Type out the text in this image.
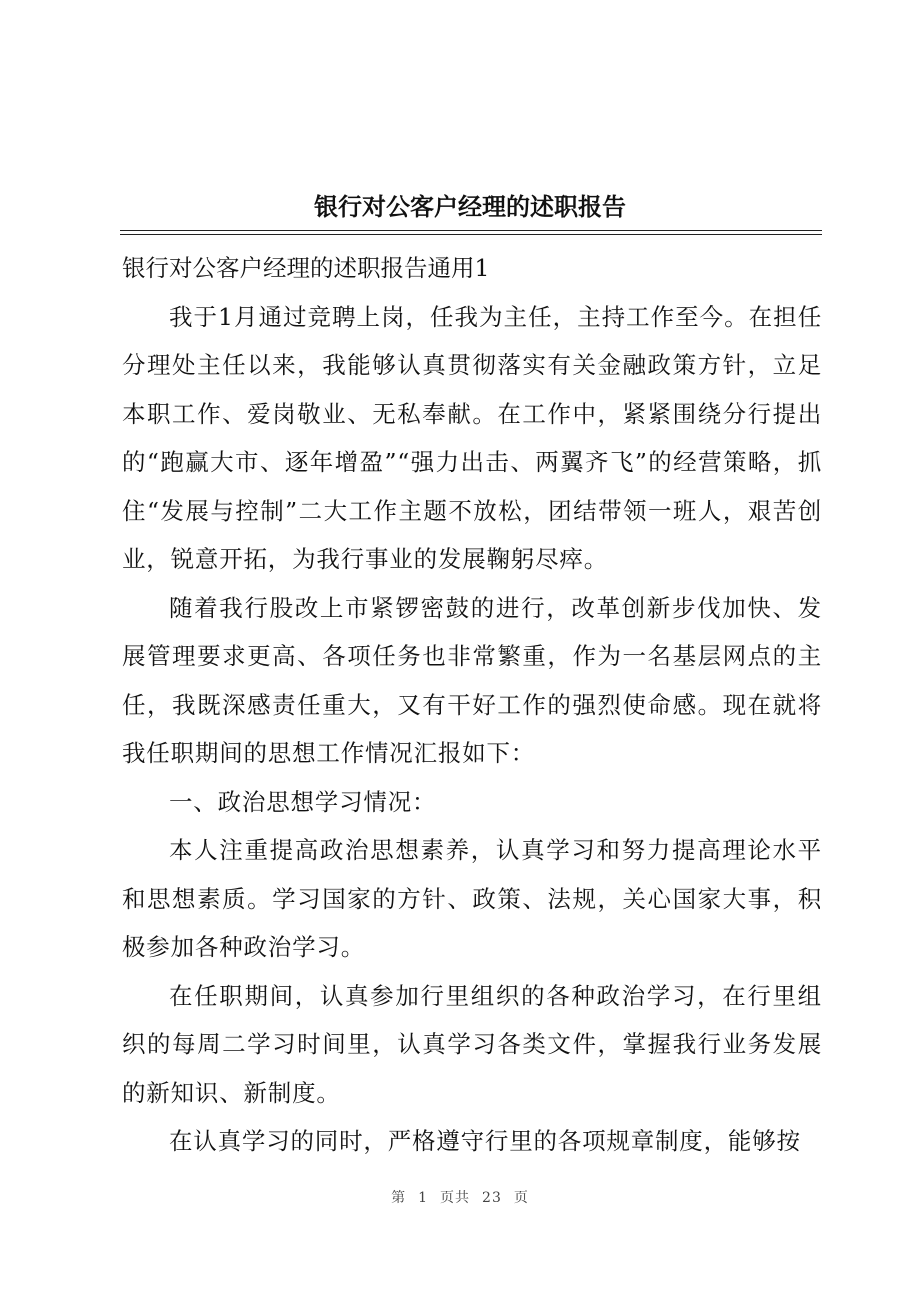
银行对公客户经理的述职报告

银行对公客户经理的述职报告通用1

我于1月通过竞聘上岗，任我为主任，主持工作至今。在担任分理处主任以来，我能够认真贯彻落实有关金融政策方针，立足本职工作、爱岗敬业、无私奉献。在工作中，紧紧围绕分行提出的“跑赢大市、逐年增盈”“强力出击、两翼齐飞”的经营策略，抓住“发展与控制”二大工作主题不放松，团结带领一班人，艰苦创业，锐意开拓，为我行事业的发展鞠躬尽瘁。

随着我行股改上市紧锣密鼓的进行，改革创新步伐加快、发展管理要求更高、各项任务也非常繁重，作为一名基层网点的主任，我既深感责任重大，又有干好工作的强烈使命感。现在就将我任职期间的思想工作情况汇报如下：

一、政治思想学习情况：

本人注重提高政治思想素养，认真学习和努力提高理论水平和思想素质。学习国家的方针、政策、法规，关心国家大事，积极参加各种政治学习。

在任职期间，认真参加行里组织的各种政治学习，在行里组织的每周二学习时间里，认真学习各类文件，掌握我行业务发展的新知识、新制度。

在认真学习的同时，严格遵守行里的各项规章制度，能够按

第 1 页共 23 页
